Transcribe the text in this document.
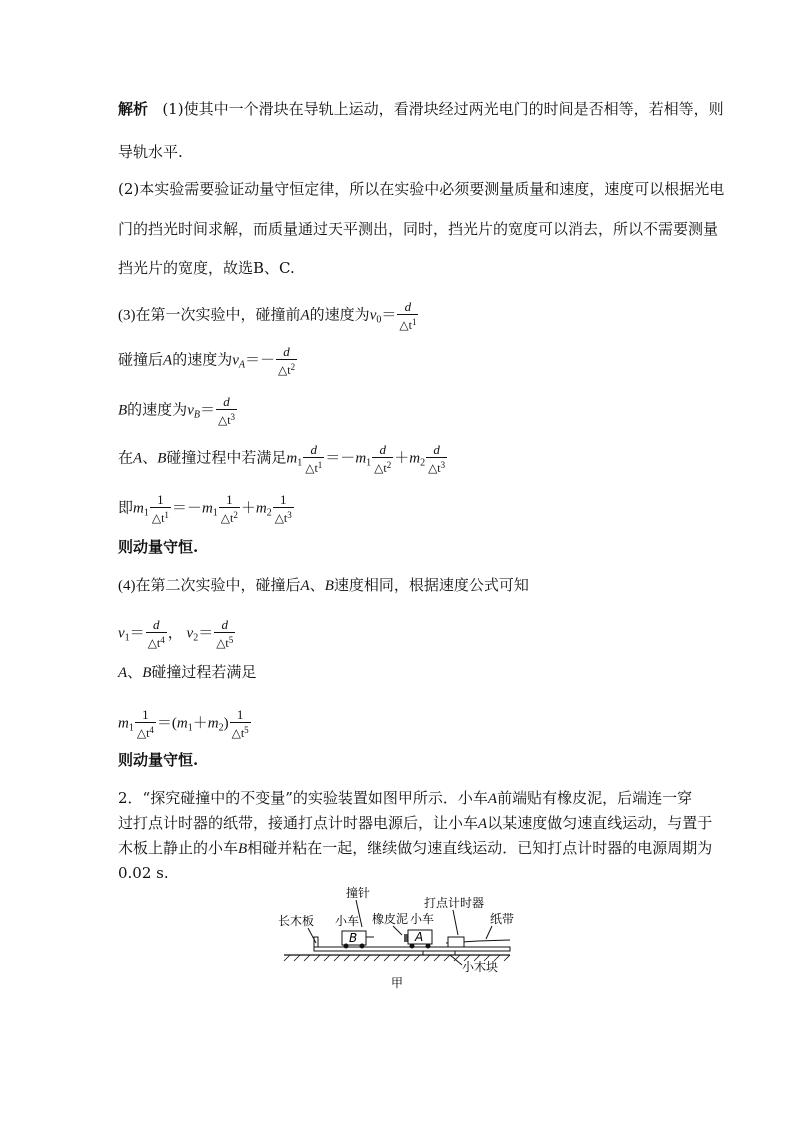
解析 (1)使其中一个滑块在导轨上运动，看滑块经过两光电门的时间是否相等，若相等，则
导轨水平.
(2)本实验需要验证动量守恒定律，所以在实验中必须要测量质量和速度，速度可以根据光电
门的挡光时间求解，而质量通过天平测出，同时，挡光片的宽度可以消去，所以不需要测量
挡光片的宽度，故选B、C.
(3)在第一次实验中，碰撞前A的速度为$v_0= \frac{d}{\triangle t^1}$
碰撞后A的速度为$v_A=- \frac{d}{\triangle t^2}$
B的速度为$v_B= \frac{d}{\triangle t^3}$
在A、B碰撞过程中若满足$m_1 \frac{d}{\triangle t^1} =-m_1 \frac{d}{\triangle t^2} +m_2 \frac{d}{\triangle t^3}$
即$m_1 \frac{1}{\triangle t^1} =-m_1 \frac{1}{\triangle t^2} +m_2 \frac{1}{\triangle t^3}$
则动量守恒.
(4)在第二次实验中，碰撞后A、B速度相同，根据速度公式可知
$v_1= \frac{d}{\triangle t^4}$ ， $v_2= \frac{d}{\triangle t^5}$
A、B碰撞过程若满足
$m_1 \frac{1}{\triangle t^4} =(m_1+m_2) \frac{1}{\triangle t^5}$
则动量守恒.
2．“探究碰撞中的不变量”的实验装置如图甲所示．小车A前端贴有橡皮泥，后端连一穿
过打点计时器的纸带，接通打点计时器电源后，让小车A以某速度做匀速直线运动，与置于
木板上静止的小车B相碰并粘在一起，继续做匀速直线运动．已知打点计时器的电源周期为
0.02 s.
撞针
长木板 小车 橡皮泥 小车
打点计时器
纸带
B	A
小木块
甲
